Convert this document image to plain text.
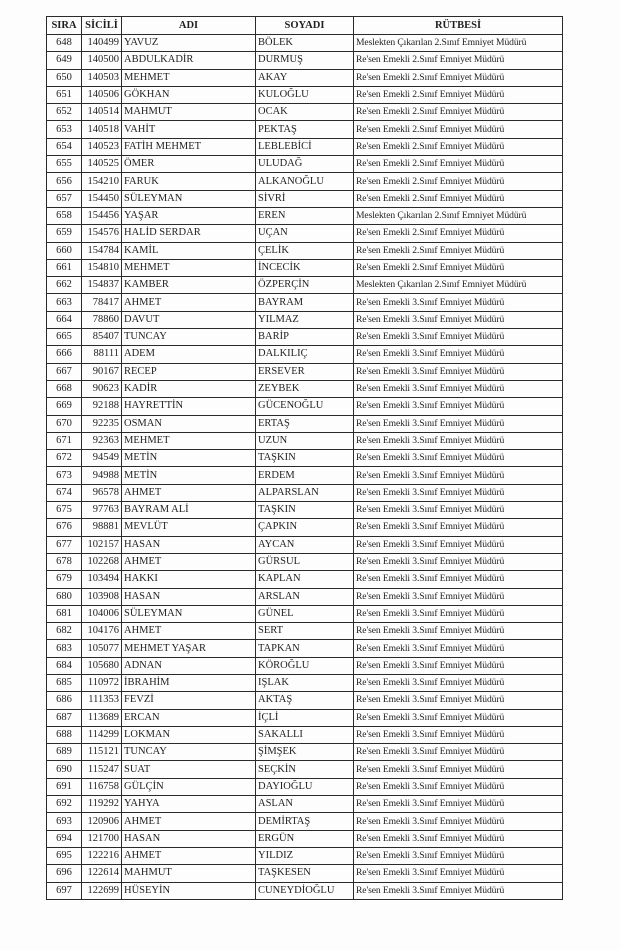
SIRA	SİCİLİ	ADI	SOYADI	RÜTBESİ
648	140499	YAVUZ	BÖLEK	Meslekten Çıkarılan 2.Sınıf Emniyet Müdürü
649	140500	ABDULKADİR	DURMUŞ	Re'sen Emekli 2.Sınıf Emniyet Müdürü
650	140503	MEHMET	AKAY	Re'sen Emekli 2.Sınıf Emniyet Müdürü
651	140506	GÖKHAN	KULOĞLU	Re'sen Emekli 2.Sınıf Emniyet Müdürü
652	140514	MAHMUT	OCAK	Re'sen Emekli 2.Sınıf Emniyet Müdürü
653	140518	VAHİT	PEKTAŞ	Re'sen Emekli 2.Sınıf Emniyet Müdürü
654	140523	FATİH MEHMET	LEBLEBİCİ	Re'sen Emekli 2.Sınıf Emniyet Müdürü
655	140525	ÖMER	ULUDAĞ	Re'sen Emekli 2.Sınıf Emniyet Müdürü
656	154210	FARUK	ALKANOĞLU	Re'sen Emekli 2.Sınıf Emniyet Müdürü
657	154450	SÜLEYMAN	SİVRİ	Re'sen Emekli 2.Sınıf Emniyet Müdürü
658	154456	YAŞAR	EREN	Meslekten Çıkarılan 2.Sınıf Emniyet Müdürü
659	154576	HALİD SERDAR	UÇAN	Re'sen Emekli 2.Sınıf Emniyet Müdürü
660	154784	KAMİL	ÇELİK	Re'sen Emekli 2.Sınıf Emniyet Müdürü
661	154810	MEHMET	İNCECİK	Re'sen Emekli 2.Sınıf Emniyet Müdürü
662	154837	KAMBER	ÖZPERÇİN	Meslekten Çıkarılan 2.Sınıf Emniyet Müdürü
663	78417	AHMET	BAYRAM	Re'sen Emekli 3.Sınıf Emniyet Müdürü
664	78860	DAVUT	YILMAZ	Re'sen Emekli 3.Sınıf Emniyet Müdürü
665	85407	TUNCAY	BARİP	Re'sen Emekli 3.Sınıf Emniyet Müdürü
666	88111	ADEM	DALKILIÇ	Re'sen Emekli 3.Sınıf Emniyet Müdürü
667	90167	RECEP	ERSEVER	Re'sen Emekli 3.Sınıf Emniyet Müdürü
668	90623	KADİR	ZEYBEK	Re'sen Emekli 3.Sınıf Emniyet Müdürü
669	92188	HAYRETTİN	GÜCENOĞLU	Re'sen Emekli 3.Sınıf Emniyet Müdürü
670	92235	OSMAN	ERTAŞ	Re'sen Emekli 3.Sınıf Emniyet Müdürü
671	92363	MEHMET	UZUN	Re'sen Emekli 3.Sınıf Emniyet Müdürü
672	94549	METİN	TAŞKIN	Re'sen Emekli 3.Sınıf Emniyet Müdürü
673	94988	METİN	ERDEM	Re'sen Emekli 3.Sınıf Emniyet Müdürü
674	96578	AHMET	ALPARSLAN	Re'sen Emekli 3.Sınıf Emniyet Müdürü
675	97763	BAYRAM ALİ	TAŞKIN	Re'sen Emekli 3.Sınıf Emniyet Müdürü
676	98881	MEVLÜT	ÇAPKIN	Re'sen Emekli 3.Sınıf Emniyet Müdürü
677	102157	HASAN	AYCAN	Re'sen Emekli 3.Sınıf Emniyet Müdürü
678	102268	AHMET	GÜRSUL	Re'sen Emekli 3.Sınıf Emniyet Müdürü
679	103494	HAKKI	KAPLAN	Re'sen Emekli 3.Sınıf Emniyet Müdürü
680	103908	HASAN	ARSLAN	Re'sen Emekli 3.Sınıf Emniyet Müdürü
681	104006	SÜLEYMAN	GÜNEL	Re'sen Emekli 3.Sınıf Emniyet Müdürü
682	104176	AHMET	SERT	Re'sen Emekli 3.Sınıf Emniyet Müdürü
683	105077	MEHMET YAŞAR	TAPKAN	Re'sen Emekli 3.Sınıf Emniyet Müdürü
684	105680	ADNAN	KÖROĞLU	Re'sen Emekli 3.Sınıf Emniyet Müdürü
685	110972	İBRAHİM	IŞLAK	Re'sen Emekli 3.Sınıf Emniyet Müdürü
686	111353	FEVZİ	AKTAŞ	Re'sen Emekli 3.Sınıf Emniyet Müdürü
687	113689	ERCAN	İÇLİ	Re'sen Emekli 3.Sınıf Emniyet Müdürü
688	114299	LOKMAN	SAKALLI	Re'sen Emekli 3.Sınıf Emniyet Müdürü
689	115121	TUNCAY	ŞİMŞEK	Re'sen Emekli 3.Sınıf Emniyet Müdürü
690	115247	SUAT	SEÇKİN	Re'sen Emekli 3.Sınıf Emniyet Müdürü
691	116758	GÜLÇİN	DAYIOĞLU	Re'sen Emekli 3.Sınıf Emniyet Müdürü
692	119292	YAHYA	ASLAN	Re'sen Emekli 3.Sınıf Emniyet Müdürü
693	120906	AHMET	DEMİRTAŞ	Re'sen Emekli 3.Sınıf Emniyet Müdürü
694	121700	HASAN	ERGÜN	Re'sen Emekli 3.Sınıf Emniyet Müdürü
695	122216	AHMET	YILDIZ	Re'sen Emekli 3.Sınıf Emniyet Müdürü
696	122614	MAHMUT	TAŞKESEN	Re'sen Emekli 3.Sınıf Emniyet Müdürü
697	122699	HÜSEYİN	CUNEYDİOĞLU	Re'sen Emekli 3.Sınıf Emniyet Müdürü
